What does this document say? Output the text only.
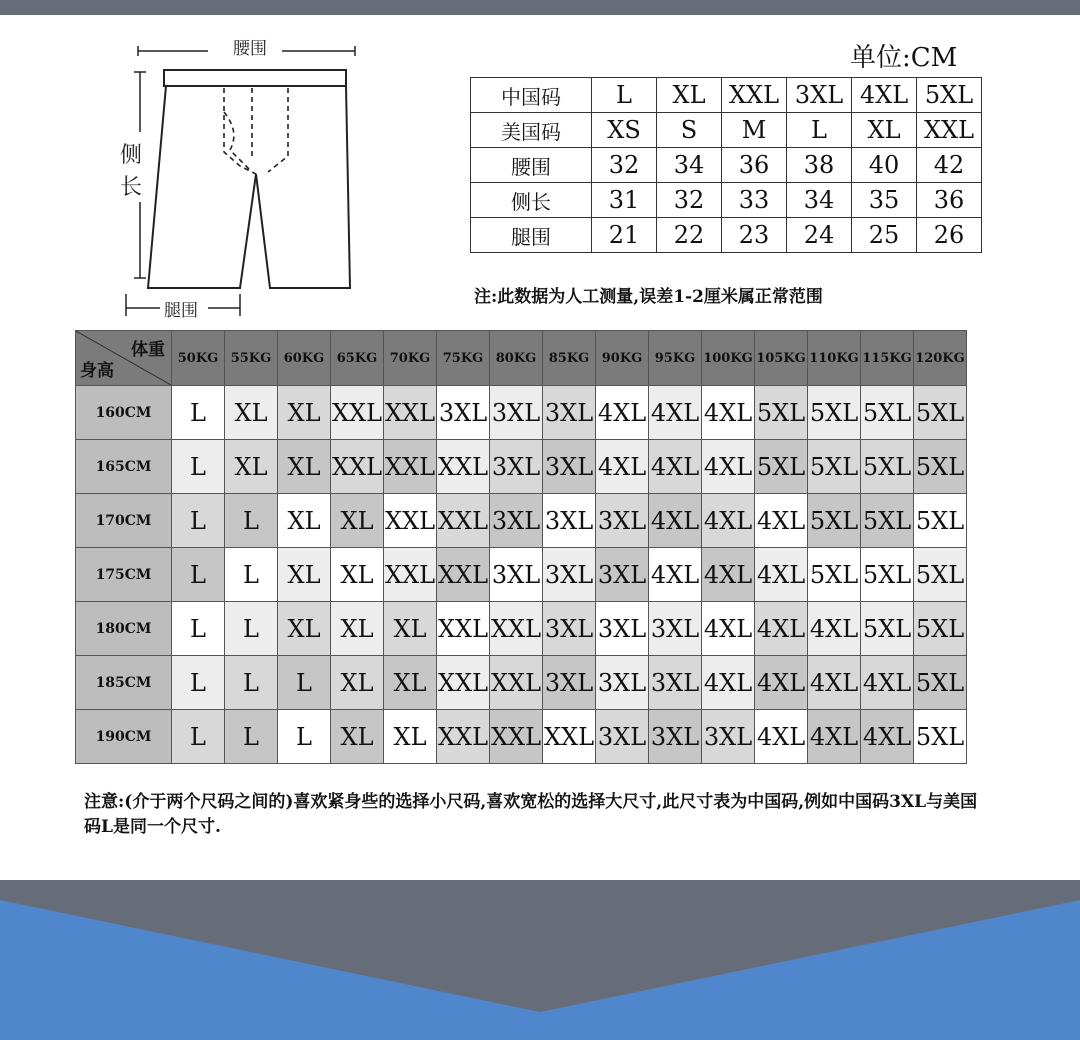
腰围
侧
长
腿围
单位:CM
中国码	L	XL	XXL	3XL	4XL	5XL
美国码	XS	S	M	L	XL	XXL
腰围	32	34	36	38	40	42
侧长	31	32	33	34	35	36
腿围	21	22	23	24	25	26
注:此数据为人工测量,误差1-2厘米属正常范围
体重
身高	50KG	55KG	60KG	65KG	70KG	75KG	80KG	85KG	90KG	95KG	100KG	105KG	110KG	115KG	120KG
160CM	L	XL	XL	XXL	XXL	3XL	3XL	3XL	4XL	4XL	4XL	5XL	5XL	5XL	5XL
165CM	L	XL	XL	XXL	XXL	XXL	3XL	3XL	4XL	4XL	4XL	5XL	5XL	5XL	5XL
170CM	L	L	XL	XL	XXL	XXL	3XL	3XL	3XL	4XL	4XL	4XL	5XL	5XL	5XL
175CM	L	L	XL	XL	XXL	XXL	3XL	3XL	3XL	4XL	4XL	4XL	5XL	5XL	5XL
180CM	L	L	XL	XL	XL	XXL	XXL	3XL	3XL	3XL	4XL	4XL	4XL	5XL	5XL
185CM	L	L	L	XL	XL	XXL	XXL	3XL	3XL	3XL	4XL	4XL	4XL	4XL	5XL
190CM	L	L	L	XL	XL	XXL	XXL	XXL	3XL	3XL	3XL	4XL	4XL	4XL	5XL
注意:(介于两个尺码之间的)喜欢紧身些的选择小尺码,喜欢宽松的选择大尺寸,此尺寸表为中国码,例如中国码3XL与美国码L是同一个尺寸.
